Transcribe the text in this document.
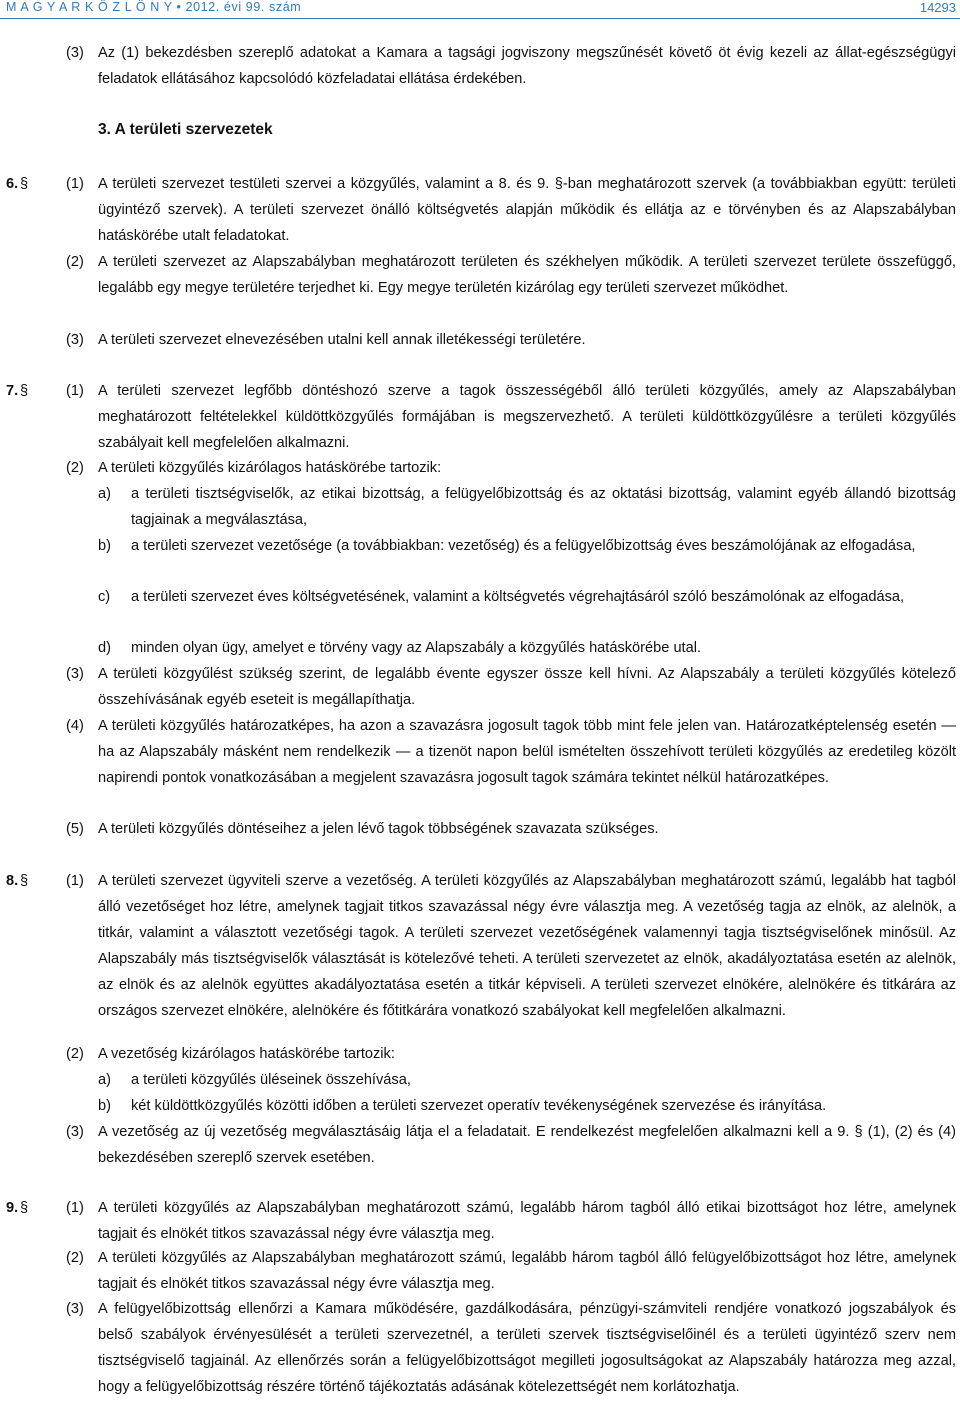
M A G Y A R K Ö Z L Ö N Y • 2012. évi 99. szám	14293
(3) Az (1) bekezdésben szereplő adatokat a Kamara a tagsági jogviszony megszűnését követő öt évig kezeli az állat-egészségügyi feladatok ellátásához kapcsolódó közfeladatai ellátása érdekében.
3. A területi szervezetek
6. §	(1) A területi szervezet testületi szervei a közgyűlés, valamint a 8. és 9. §-ban meghatározott szervek (a továbbiakban együtt: területi ügyintéző szervek). A területi szervezet önálló költségvetés alapján működik és ellátja az e törvényben és az Alapszabályban hatáskörébe utalt feladatokat.
(2) A területi szervezet az Alapszabályban meghatározott területen és székhelyen működik. A területi szervezet területe összefüggő, legalább egy megye területére terjedhet ki. Egy megye területén kizárólag egy területi szervezet működhet.
(3) A területi szervezet elnevezésében utalni kell annak illetékességi területére.
7. §	(1) A területi szervezet legfőbb döntéshozó szerve a tagok összességéből álló területi közgyűlés, amely az Alapszabályban meghatározott feltételekkel küldöttközgyűlés formájában is megszervezhető. A területi küldöttközgyűlésre a területi közgyűlés szabályait kell megfelelően alkalmazni.
(2) A területi közgyűlés kizárólagos hatáskörébe tartozik:
a) a területi tisztségviselők, az etikai bizottság, a felügyelőbizottság és az oktatási bizottság, valamint egyéb állandó bizottság tagjainak a megválasztása,
b) a területi szervezet vezetősége (a továbbiakban: vezetőség) és a felügyelőbizottság éves beszámolójának az elfogadása,
c) a területi szervezet éves költségvetésének, valamint a költségvetés végrehajtásáról szóló beszámolónak az elfogadása,
d) minden olyan ügy, amelyet e törvény vagy az Alapszabály a közgyűlés hatáskörébe utal.
(3) A területi közgyűlést szükség szerint, de legalább évente egyszer össze kell hívni. Az Alapszabály a területi közgyűlés kötelező összehívásának egyéb eseteit is megállapíthatja.
(4) A területi közgyűlés határozatképes, ha azon a szavazásra jogosult tagok több mint fele jelen van. Határozatképtelenség esetén — ha az Alapszabály másként nem rendelkezik — a tizenöt napon belül ismételten összehívott területi közgyűlés az eredetileg közölt napirendi pontok vonatkozásában a megjelent szavazásra jogosult tagok számára tekintet nélkül határozatképes.
(5) A területi közgyűlés döntéseihez a jelen lévő tagok többségének szavazata szükséges.
8. §	(1) A területi szervezet ügyviteli szerve a vezetőség. A területi közgyűlés az Alapszabályban meghatározott számú, legalább hat tagból álló vezetőséget hoz létre, amelynek tagjait titkos szavazással négy évre választja meg. A vezetőség tagja az elnök, az alelnök, a titkár, valamint a választott vezetőségi tagok. A területi szervezet vezetőségének valamennyi tagja tisztségviselőnek minősül. Az Alapszabály más tisztségviselők választását is kötelezővé teheti. A területi szervezetet az elnök, akadályoztatása esetén az alelnök, az elnök és az alelnök együttes akadályoztatása esetén a titkár képviseli. A területi szervezet elnökére, alelnökére és titkárára az országos szervezet elnökére, alelnökére és főtitkárára vonatkozó szabályokat kell megfelelően alkalmazni.
(2) A vezetőség kizárólagos hatáskörébe tartozik:
a) a területi közgyűlés üléseinek összehívása,
b) két küldöttközgyűlés közötti időben a területi szervezet operatív tevékenységének szervezése és irányítása.
(3) A vezetőség az új vezetőség megválasztásáig látja el a feladatait. E rendelkezést megfelelően alkalmazni kell a 9. § (1), (2) és (4) bekezdésében szereplő szervek esetében.
9. §	(1) A területi közgyűlés az Alapszabályban meghatározott számú, legalább három tagból álló etikai bizottságot hoz létre, amelynek tagjait és elnökét titkos szavazással négy évre választja meg.
(2) A területi közgyűlés az Alapszabályban meghatározott számú, legalább három tagból álló felügyelőbizottságot hoz létre, amelynek tagjait és elnökét titkos szavazással négy évre választja meg.
(3) A felügyelőbizottság ellenőrzi a Kamara működésére, gazdálkodására, pénzügyi-számviteli rendjére vonatkozó jogszabályok és belső szabályok érvényesülését a területi szervezetnél, a területi szervek tisztségviselőinél és a területi ügyintéző szerv nem tisztségviselő tagjainál. Az ellenőrzés során a felügyelőbizottságot megilleti jogosultságokat az Alapszabály határozza meg azzal, hogy a felügyelőbizottság részére történő tájékoztatás adásának kötelezettségét nem korlátozhatja.
